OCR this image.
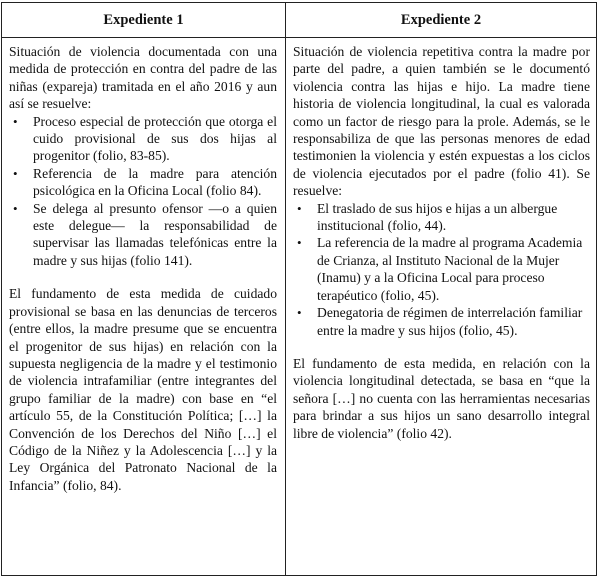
Expediente 1	Expediente 2

Situación de violencia documentada con una medida de protección en contra del padre de las niñas (expareja) tramitada en el año 2016 y aun así se resuelve:

• Proceso especial de protección que otorga el cuido provisional de sus dos hijas al progenitor (folio, 83-85).
• Referencia de la madre para atención psicológica en la Oficina Local (folio 84).
• Se delega al presunto ofensor —o a quien este delegue— la responsabilidad de supervisar las llamadas telefónicas entre la madre y sus hijas (folio 141).

El fundamento de esta medida de cuidado provisional se basa en las denuncias de terceros (entre ellos, la madre presume que se encuentra el progenitor de sus hijas) en relación con la supuesta negligencia de la madre y el testimonio de violencia intrafamiliar (entre integrantes del grupo familiar de la madre) con base en “el artículo 55, de la Constitución Política; […] la Convención de los Derechos del Niño […] el Código de la Niñez y la Adolescencia […] y la Ley Orgánica del Patronato Nacional de la Infancia” (folio, 84).

Situación de violencia repetitiva contra la madre por parte del padre, a quien también se le documentó violencia contra las hijas e hijo. La madre tiene historia de violencia longitudinal, la cual es valorada como un factor de riesgo para la prole. Además, se le responsabiliza de que las personas menores de edad testimonien la violencia y estén expuestas a los ciclos de violencia ejecutados por el padre (folio 41). Se resuelve:

• El traslado de sus hijos e hijas a un albergue institucional (folio, 44).
• La referencia de la madre al programa Academia de Crianza, al Instituto Nacional de la Mujer (Inamu) y a la Oficina Local para proceso terapéutico (folio, 45).
• Denegatoria de régimen de interrelación familiar entre la madre y sus hijos (folio, 45).

El fundamento de esta medida, en relación con la violencia longitudinal detectada, se basa en “que la señora […] no cuenta con las herramientas necesarias para brindar a sus hijos un sano desarrollo integral libre de violencia” (folio 42).
